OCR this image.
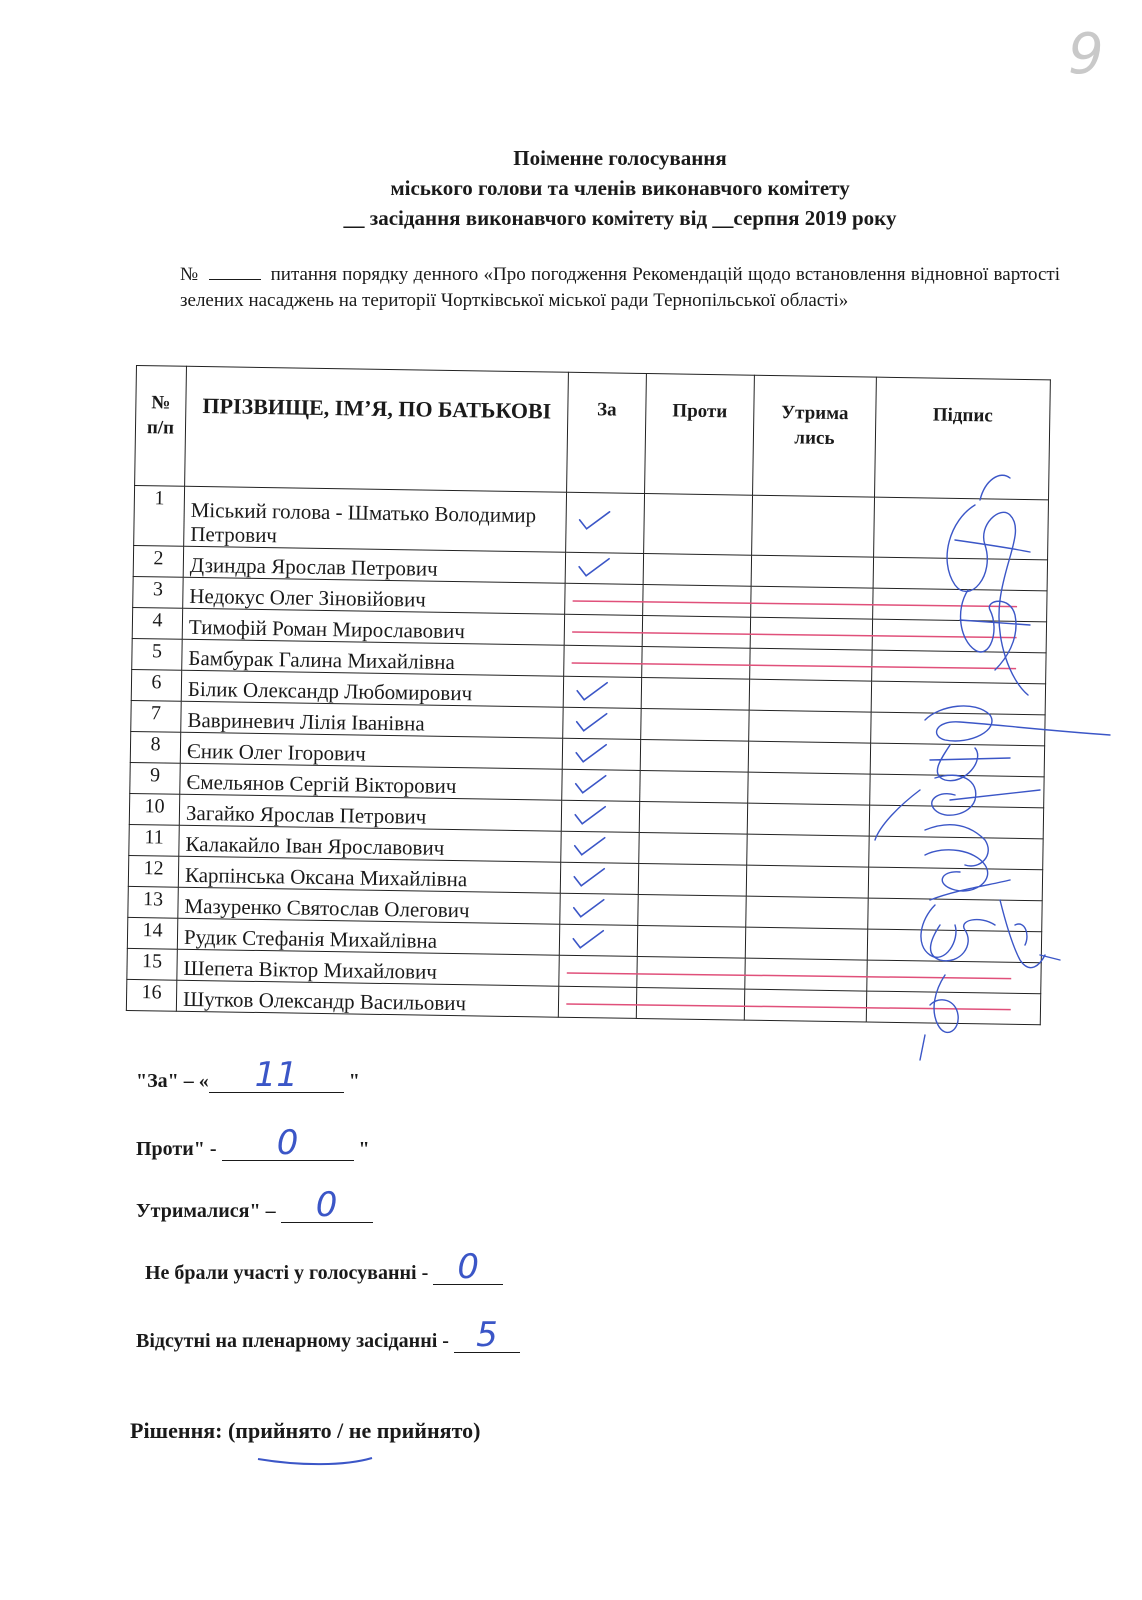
9
Поіменне голосування
міського голови та членів виконавчого комітету
__ засідання виконавчого комітету від __серпня 2019 року
№	питання порядку денного «Про погодження Рекомендацій щодо встановлення відновної вартості зелених насаджень на території Чортківської міської ради Тернопільської області»
№ п/п	ПРІЗВИЩЕ, ІМ’Я, ПО БАТЬКОВІ	За	Проти	Утрима лись	Підпис
1	Міський голова - Шматько Володимир Петрович				
2	Дзиндра Ярослав Петрович				
3	Недокус Олег Зіновійович				
4	Тимофій Роман Мирославович				
5	Бамбурак Галина Михайлівна				
6	Білик Олександр Любомирович				
7	Вавриневич Лілія Іванівна				
8	Єник Олег Ігорович				
9	Ємельянов Сергій Вікторович				
10	Загайко Ярослав Петрович				
11	Калакайло Іван Ярославович				
12	Карпінська Оксана Михайлівна				
13	Мазуренко Святослав Олегович				
14	Рудик Стефанія Михайлівна				
15	Шепета Віктор Михайлович				
16	Шутков Олександр Васильович				
"За" – «	11	"
Проти" -	0	"
Утрималися" –	0
Не брали участі у голосуванні - 0
Відсутні на пленарному засіданні - 5
Рішення: (прийнято / не прийнято)
